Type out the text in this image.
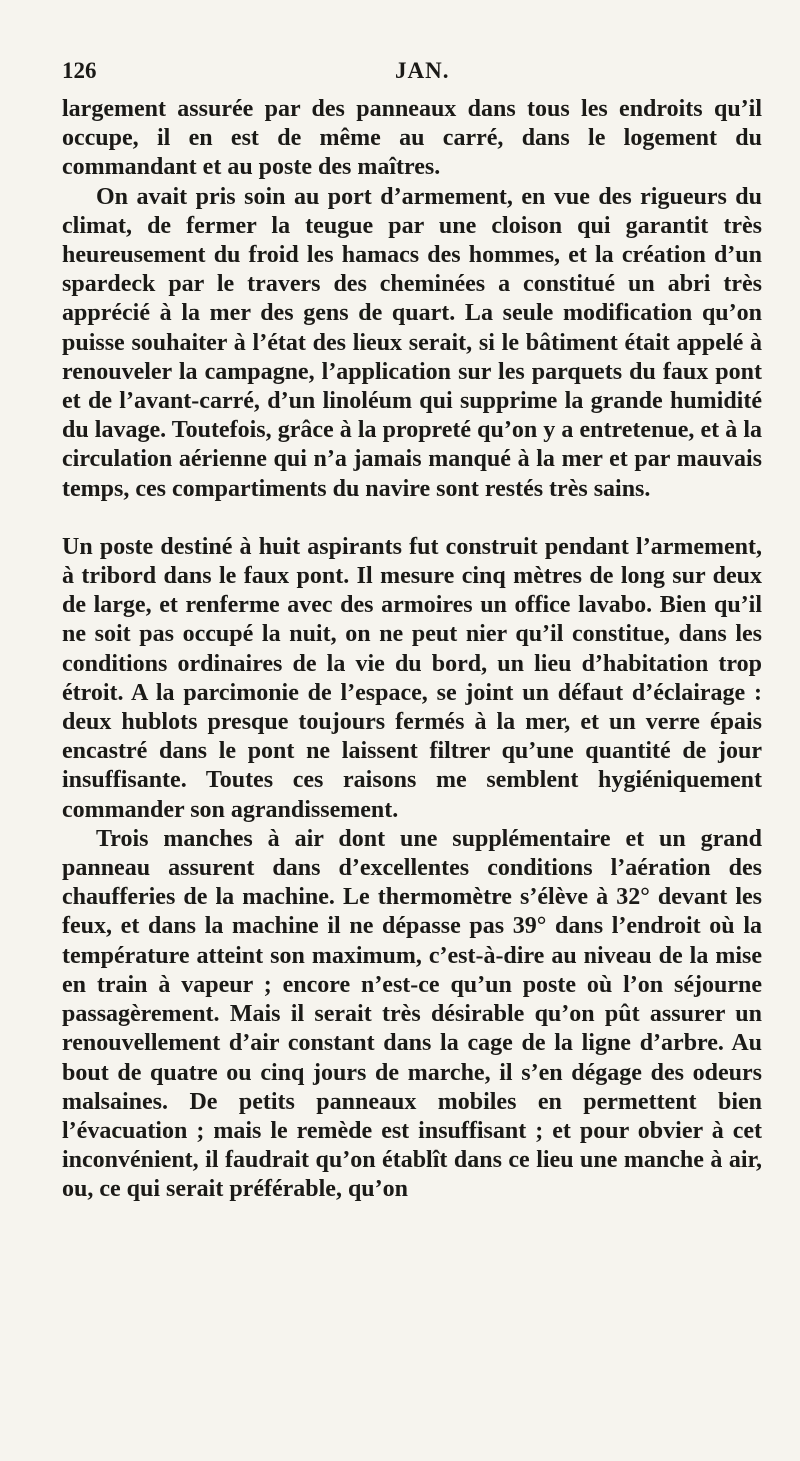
126	JAN.

largement assurée par des panneaux dans tous les endroits qu’il occupe, il en est de même au carré, dans le logement du commandant et au poste des maîtres.

On avait pris soin au port d’armement, en vue des rigueurs du climat, de fermer la teugue par une cloison qui garantit très heureusement du froid les hamacs des hommes, et la création d’un spardeck par le travers des cheminées a constitué un abri très apprécié à la mer des gens de quart. La seule modification qu’on puisse souhaiter à l’état des lieux serait, si le bâtiment était appelé à renouveler la campagne, l’application sur les parquets du faux pont et de l’avant-carré, d’un linoléum qui supprime la grande humidité du lavage. Toutefois, grâce à la propreté qu’on y a entretenue, et à la circulation aérienne qui n’a jamais manqué à la mer et par mauvais temps, ces compartiments du navire sont restés très sains.

Un poste destiné à huit aspirants fut construit pendant l’armement, à tribord dans le faux pont. Il mesure cinq mètres de long sur deux de large, et renferme avec des armoires un office lavabo. Bien qu’il ne soit pas occupé la nuit, on ne peut nier qu’il constitue, dans les conditions ordinaires de la vie du bord, un lieu d’habitation trop étroit. A la parcimonie de l’espace, se joint un défaut d’éclairage : deux hublots presque toujours fermés à la mer, et un verre épais encastré dans le pont ne laissent filtrer qu’une quantité de jour insuffisante. Toutes ces raisons me semblent hygiéniquement commander son agrandissement.

Trois manches à air dont une supplémentaire et un grand panneau assurent dans d’excellentes conditions l’aération des chaufferies de la machine. Le thermomètre s’élève à 32° devant les feux, et dans la machine il ne dépasse pas 39° dans l’endroit où la température atteint son maximum, c’est-à-dire au niveau de la mise en train à vapeur ; encore n’est-ce qu’un poste où l’on séjourne passagèrement. Mais il serait très désirable qu’on pût assurer un renouvellement d’air constant dans la cage de la ligne d’arbre. Au bout de quatre ou cinq jours de marche, il s’en dégage des odeurs malsaines. De petits panneaux mobiles en permettent bien l’évacuation ; mais le remède est insuffisant ; et pour obvier à cet inconvénient, il faudrait qu’on établît dans ce lieu une manche à air, ou, ce qui serait préférable, qu’on
